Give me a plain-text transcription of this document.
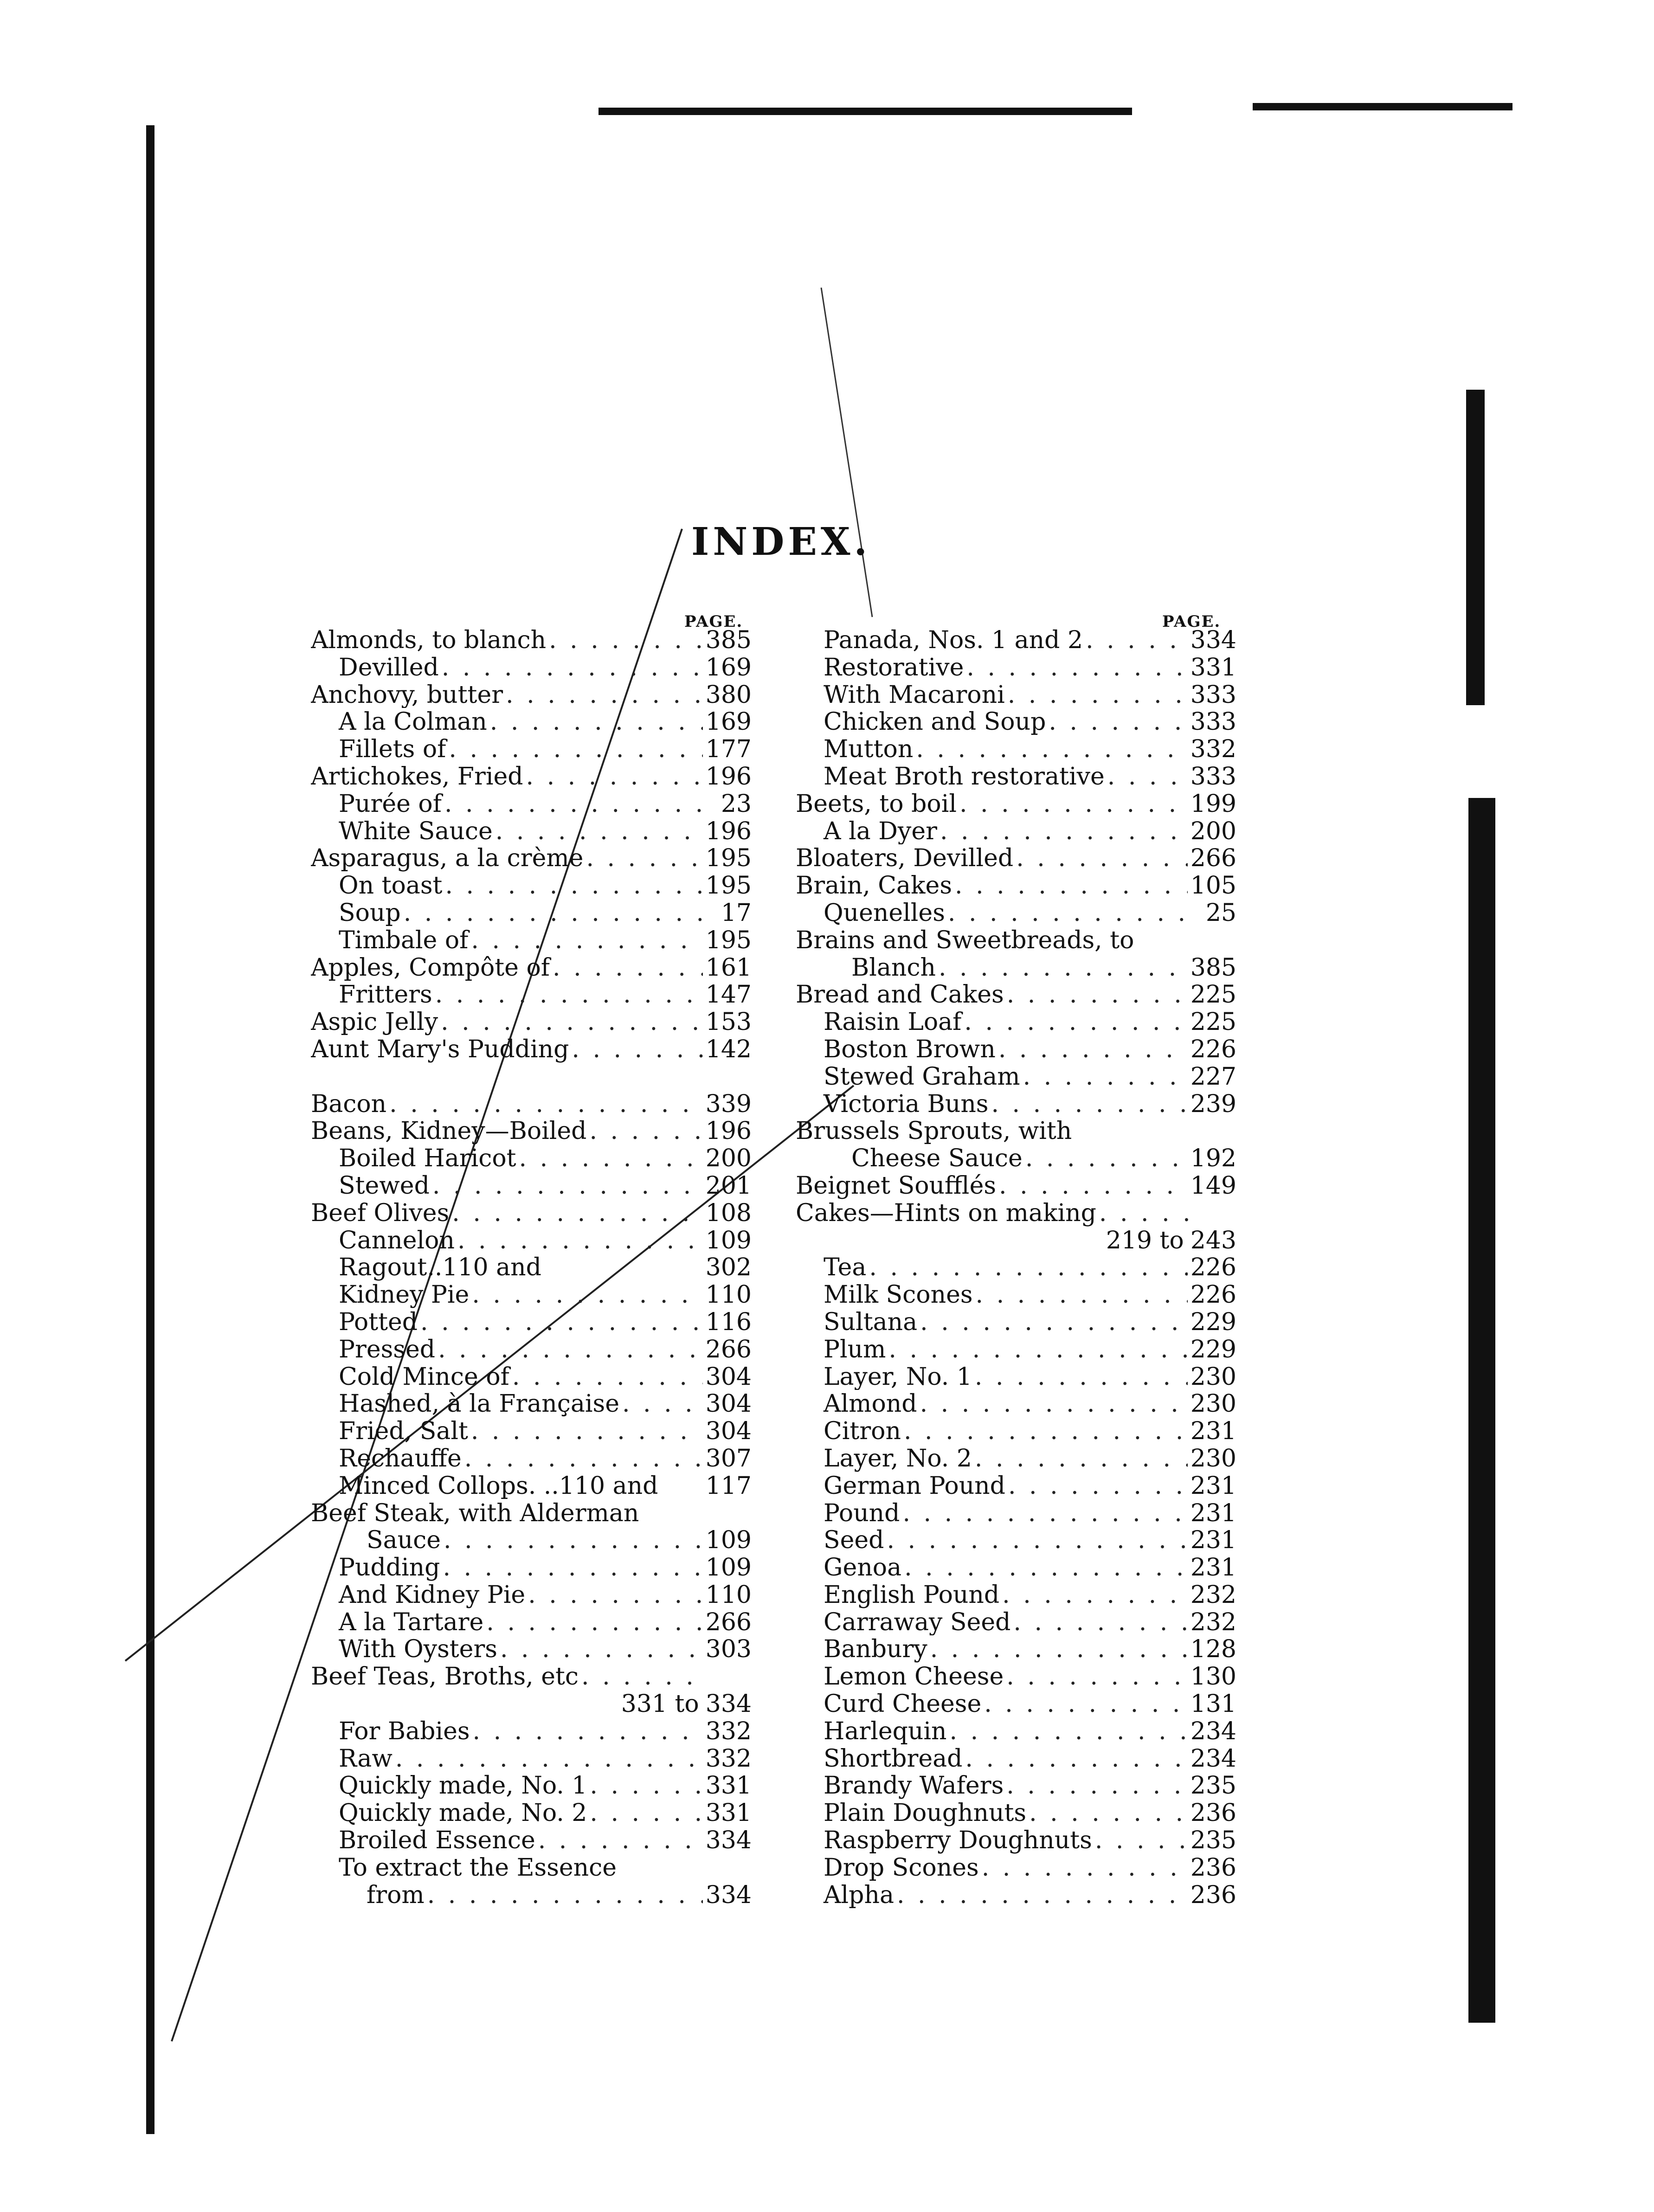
INDEX.
PAGE.	PAGE.
Almonds, to blanch . . .	385
Devilled . . .	169
Anchovy, butter . . .	380
A la Colman . . .	169
Fillets of . . .	177
Artichokes, Fried . . .	196
Purée of . . .	23
White Sauce . . .	196
Asparagus, a la crème . . .	195
On toast . . .	195
Soup . . .	17
Timbale of . . .	195
Apples, Compôte of . . .	161
Fritters . . .	147
Aspic Jelly . . .	153
Aunt Mary's Pudding . . .	142
Bacon . . .	339
Beans, Kidney—Boiled . . .	196
Boiled Haricot . . .	200
Stewed . . .	201
Beef Olives . . .	108
Cannelon . . .	109
Ragout..110 and	302
Kidney Pie . . .	110
Potted . . .	116
Pressed . . .	266
Cold Mince of . . .	304
Hashed, à la Française . . .	304
Fried, Salt . . .	304
Rechauffe . . .	307
Minced Collops. ..110 and 117
Beef Steak, with Alderman
Sauce . . .	109
Pudding . . .	109
And Kidney Pie . . .	110
A la Tartare . . .	266
With Oysters . . .	303
Beef Teas, Broths, etc
. . .
331 to 334
For Babies . . .	332
Raw . . .	332
Quickly made, No. 1 . . .	331
Quickly made, No. 2 . . .	331
Broiled Essence . . .	334
To extract the Essence
from . . .	334
Panada, Nos. 1 and 2 . . .	334
Restorative . . .	331
With Macaroni . . .	333
Chicken and Soup . . .	333
Mutton . . .	332
Meat Broth restorative . . .	333
Beets, to boil . . .	199
A la Dyer . . .	200
Bloaters, Devilled . . .	266
Brain, Cakes . . .	105
Quenelles . . .	25
Brains and Sweetbreads, to
Blanch . . .	385
Bread and Cakes . . .	225
Raisin Loaf . . .	225
Boston Brown . . .	226
Stewed Graham . . .	227
Victoria Buns . . .	239
Brussels Sprouts, with
Cheese Sauce . . .	192
Beignet Soufflés . . .	149
Cakes—Hints on making
. . .
219 to 243
Tea . . .	226
Milk Scones . . .	226
Sultana . . .	229
Plum . . .	229
Layer, No. 1 . . .	230
Almond . . .	230
Citron . . .	231
Layer, No. 2 . . .	230
German Pound . . .	231
Pound . . .	231
Seed . . .	231
Genoa . . .	231
English Pound . . .	232
Carraway Seed . . .	232
Banbury . . .	128
Lemon Cheese . . .	130
Curd Cheese . . .	131
Harlequin . . .	234
Shortbread . . .	234
Brandy Wafers . . .	235
Plain Doughnuts . . .	236
Raspberry Doughnuts . . .	235
Drop Scones . . .	236
Alpha . . .	236
